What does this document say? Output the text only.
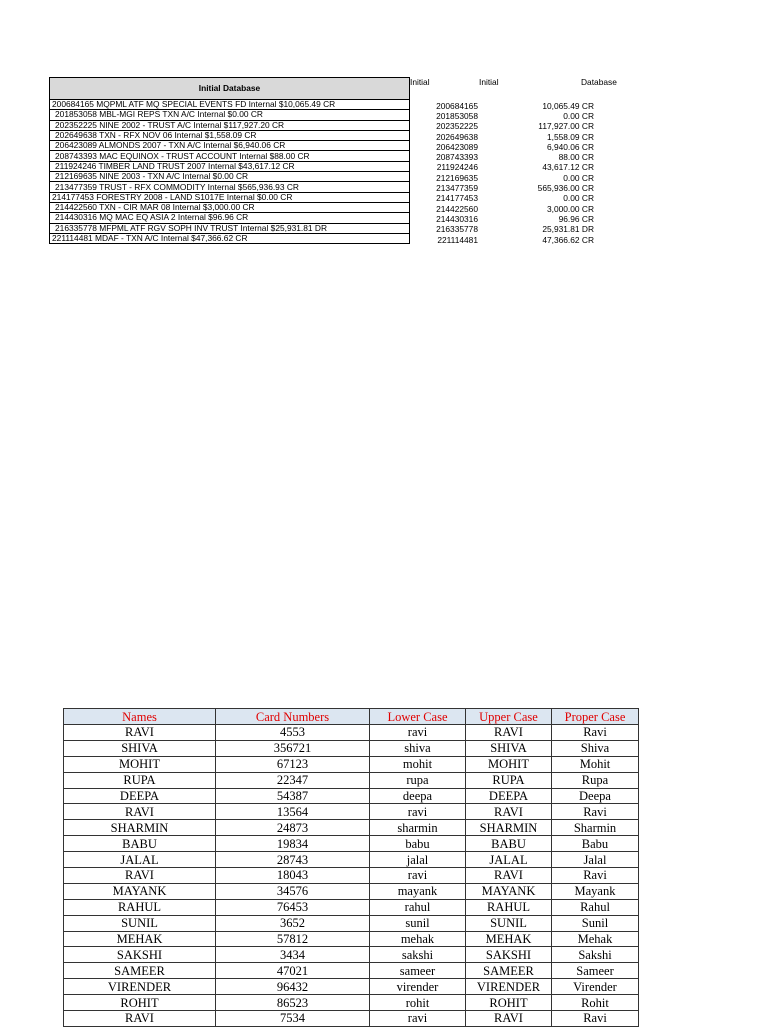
Initial Database
200684165 MQPML ATF MQ SPECIAL EVENTS FD Internal $10,065.49 CR
201853058 MBL-MGI REPS TXN A/C Internal $0.00 CR
202352225 NINE 2002 - TRUST A/C Internal $117,927.20 CR
202649638 TXN - RFX NOV 06 Internal $1,558.09 CR
206423089 ALMONDS 2007 - TXN A/C Internal $6,940.06 CR
208743393 MAC EQUINOX - TRUST ACCOUNT Internal $88.00 CR
211924246 TIMBER LAND TRUST 2007 Internal $43,617.12 CR
212169635 NINE 2003 - TXN A/C Internal $0.00 CR
213477359 TRUST - RFX COMMODITY Internal $565,936.93 CR
214177453 FORESTRY 2008 - LAND S1017E Internal $0.00 CR
214422560 TXN - CIR MAR 08 Internal $3,000.00 CR
214430316 MQ MAC EQ ASIA 2 Internal $96.96 CR
216335778 MFPML ATF RGV SOPH INV TRUST Internal $25,931.81 DR
221114481 MDAF - TXN A/C Internal $47,366.62 CR
Initial	Initial	Database
200684165	10,065.49 CR
201853058	0.00 CR
202352225	117,927.00 CR
202649638	1,558.09 CR
206423089	6,940.06 CR
208743393	88.00 CR
211924246	43,617.12 CR
212169635	0.00 CR
213477359	565,936.00 CR
214177453	0.00 CR
214422560	3,000.00 CR
214430316	96.96 CR
216335778	25,931.81 DR
221114481	47,366.62 CR
Names	Card Numbers	Lower Case	Upper Case	Proper Case
RAVI	4553	ravi	RAVI	Ravi
SHIVA	356721	shiva	SHIVA	Shiva
MOHIT	67123	mohit	MOHIT	Mohit
RUPA	22347	rupa	RUPA	Rupa
DEEPA	54387	deepa	DEEPA	Deepa
RAVI	13564	ravi	RAVI	Ravi
SHARMIN	24873	sharmin	SHARMIN	Sharmin
BABU	19834	babu	BABU	Babu
JALAL	28743	jalal	JALAL	Jalal
RAVI	18043	ravi	RAVI	Ravi
MAYANK	34576	mayank	MAYANK	Mayank
RAHUL	76453	rahul	RAHUL	Rahul
SUNIL	3652	sunil	SUNIL	Sunil
MEHAK	57812	mehak	MEHAK	Mehak
SAKSHI	3434	sakshi	SAKSHI	Sakshi
SAMEER	47021	sameer	SAMEER	Sameer
VIRENDER	96432	virender	VIRENDER	Virender
ROHIT	86523	rohit	ROHIT	Rohit
RAVI	7534	ravi	RAVI	Ravi
